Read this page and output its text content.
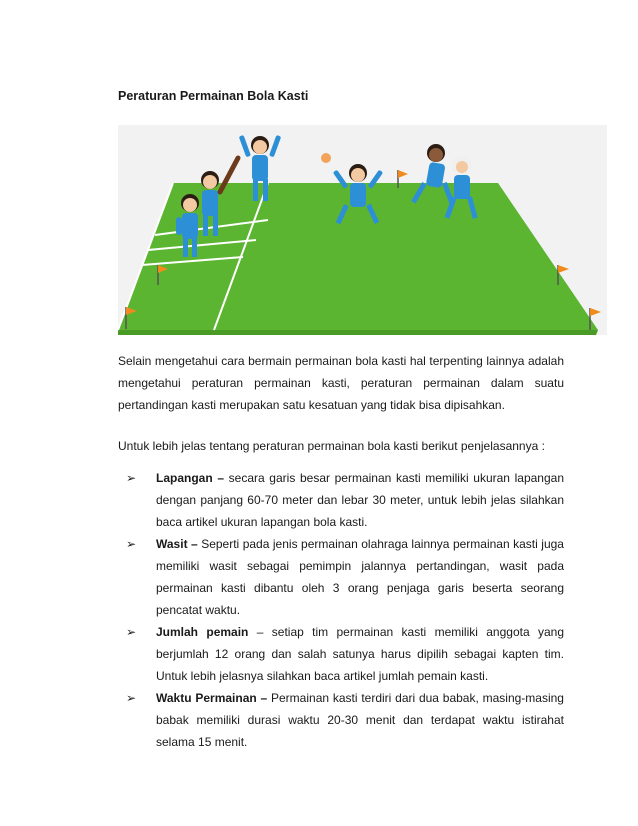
Peraturan Permainan Bola Kasti

Selain mengetahui cara bermain permainan bola kasti hal terpenting lainnya adalah mengetahui peraturan permainan kasti, peraturan permainan dalam suatu pertandingan kasti merupakan satu kesatuan yang tidak bisa dipisahkan.

Untuk lebih jelas tentang peraturan permainan bola kasti berikut penjelasannya :

➢ Lapangan – secara garis besar permainan kasti memiliki ukuran lapangan dengan panjang 60-70 meter dan lebar 30 meter, untuk lebih jelas silahkan baca artikel ukuran lapangan bola kasti.
➢ Wasit – Seperti pada jenis permainan olahraga lainnya permainan kasti juga memiliki wasit sebagai pemimpin jalannya pertandingan, wasit pada permainan kasti dibantu oleh 3 orang penjaga garis beserta seorang pencatat waktu.
➢ Jumlah pemain – setiap tim permainan kasti memiliki anggota yang berjumlah 12 orang dan salah satunya harus dipilih sebagai kapten tim. Untuk lebih jelasnya silahkan baca artikel jumlah pemain kasti.
➢ Waktu Permainan – Permainan kasti terdiri dari dua babak, masing-masing babak memiliki durasi waktu 20-30 menit dan terdapat waktu istirahat selama 15 menit.
